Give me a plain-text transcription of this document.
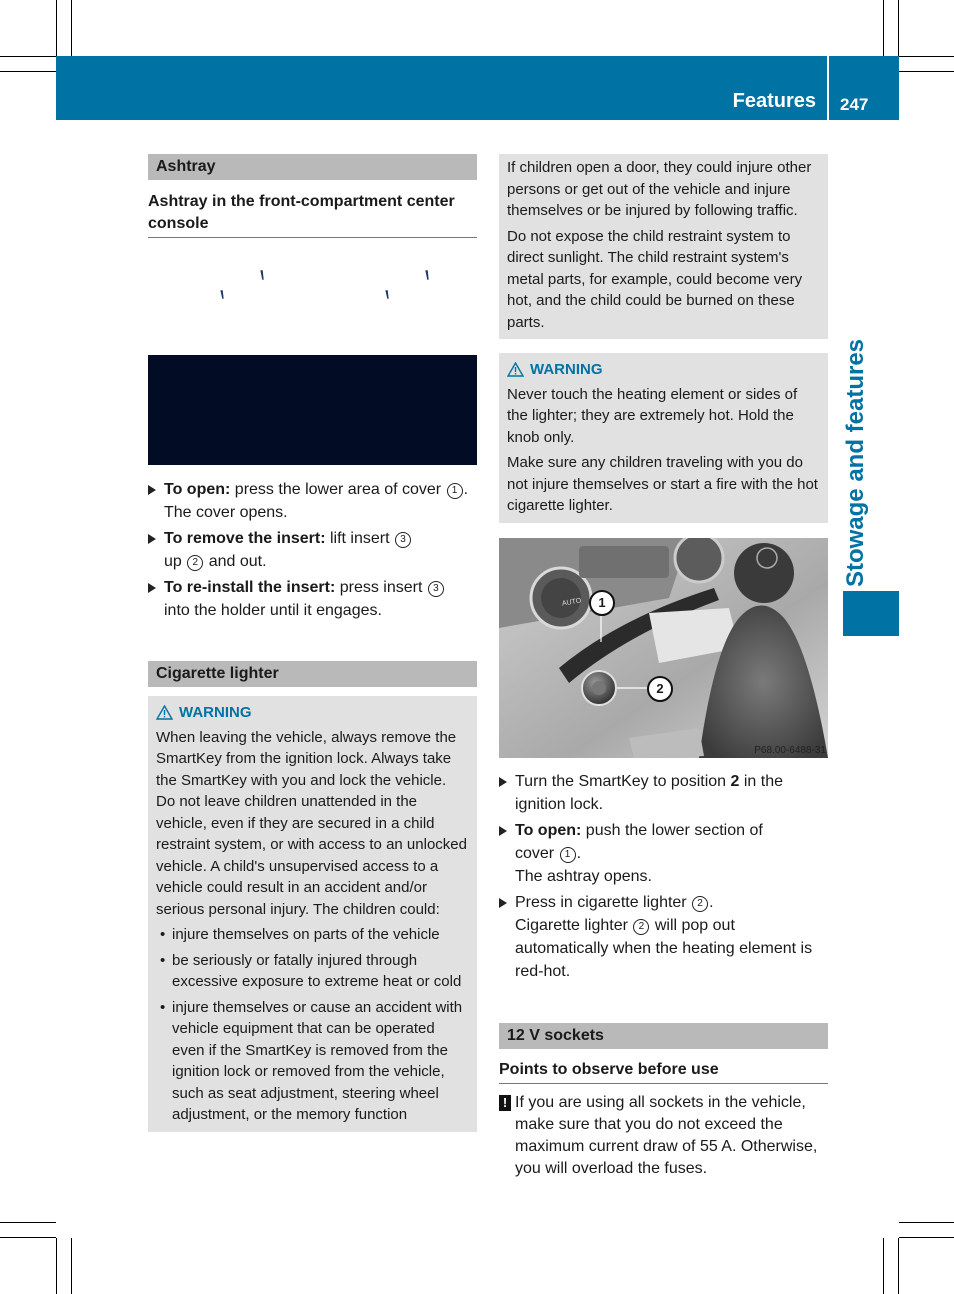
Features 247
Stowage and features
Ashtray
Ashtray in the front-compartment center console
To open: press the lower area of cover 1 .
The cover opens.
To remove the insert: lift insert 3
up 2 and out.
To re-install the insert: press insert 3
into the holder until it engages.
Cigarette lighter
WARNING

When leaving the vehicle, always remove the SmartKey from the ignition lock. Always take the SmartKey with you and lock the vehicle. Do not leave children unattended in the vehicle, even if they are secured in a child restraint system, or with access to an unlocked vehicle. A child's unsupervised access to a vehicle could result in an accident and/or serious personal injury. The children could:

• injure themselves on parts of the vehicle
• be seriously or fatally injured through excessive exposure to extreme heat or cold
• injure themselves or cause an accident with vehicle equipment that can be operated even if the SmartKey is removed from the ignition lock or removed from the vehicle, such as seat adjustment, steering wheel adjustment, or the memory function

If children open a door, they could injure other persons or get out of the vehicle and injure themselves or be injured by following traffic.

Do not expose the child restraint system to direct sunlight. The child restraint system's metal parts, for example, could become very hot, and the child could be burned on these parts.

WARNING

Never touch the heating element or sides of the lighter; they are extremely hot. Hold the knob only.

Make sure any children traveling with you do not injure themselves or start a fire with the hot cigarette lighter.

1
2
AUTO
P68.00-6488-31
Turn the SmartKey to position 2 in the
ignition lock.
To open: push the lower section of
cover 1 .
The ashtray opens.
Press in cigarette lighter 2 .
Cigarette lighter 2 will pop out
automatically when the heating element is red-hot.
12 V sockets
Points to observe before use
! If you are using all sockets in the vehicle, make sure that you do not exceed the maximum current draw of 55 A. Otherwise, you will overload the fuses.
